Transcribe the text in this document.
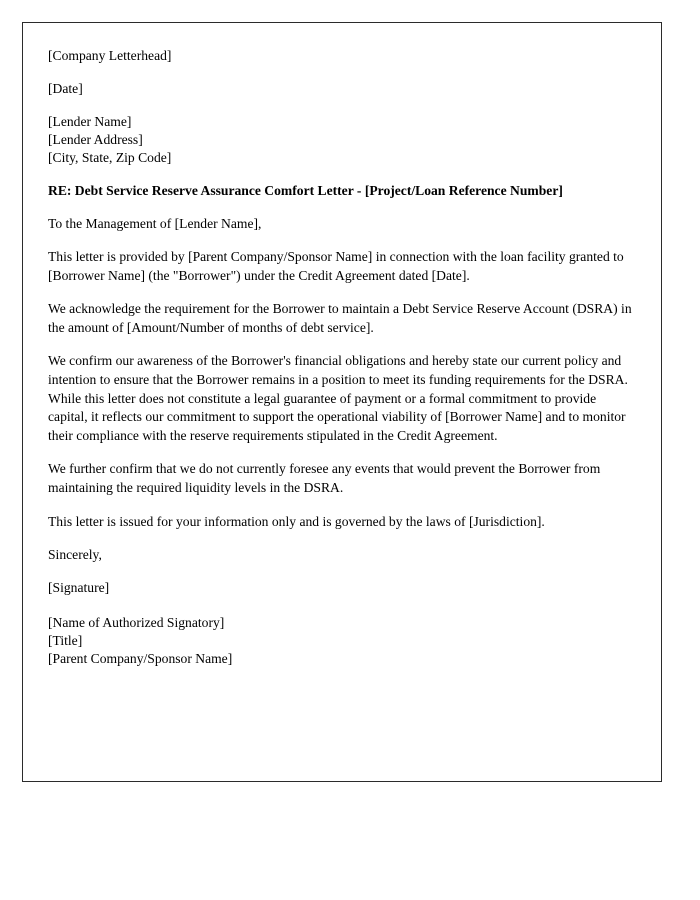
[Company Letterhead]
[Date]
[Lender Name]
[Lender Address]
[City, State, Zip Code]
RE: Debt Service Reserve Assurance Comfort Letter - [Project/Loan Reference Number]
To the Management of [Lender Name],

This letter is provided by [Parent Company/Sponsor Name] in connection with the loan facility granted to [Borrower Name] (the "Borrower") under the Credit Agreement dated [Date].

We acknowledge the requirement for the Borrower to maintain a Debt Service Reserve Account (DSRA) in the amount of [Amount/Number of months of debt service].

We confirm our awareness of the Borrower's financial obligations and hereby state our current policy and intention to ensure that the Borrower remains in a position to meet its funding requirements for the DSRA. While this letter does not constitute a legal guarantee of payment or a formal commitment to provide capital, it reflects our commitment to support the operational viability of [Borrower Name] and to monitor their compliance with the reserve requirements stipulated in the Credit Agreement.

We further confirm that we do not currently foresee any events that would prevent the Borrower from maintaining the required liquidity levels in the DSRA.

This letter is issued for your information only and is governed by the laws of [Jurisdiction].

Sincerely,
[Signature]
[Name of Authorized Signatory]
[Title]
[Parent Company/Sponsor Name]
